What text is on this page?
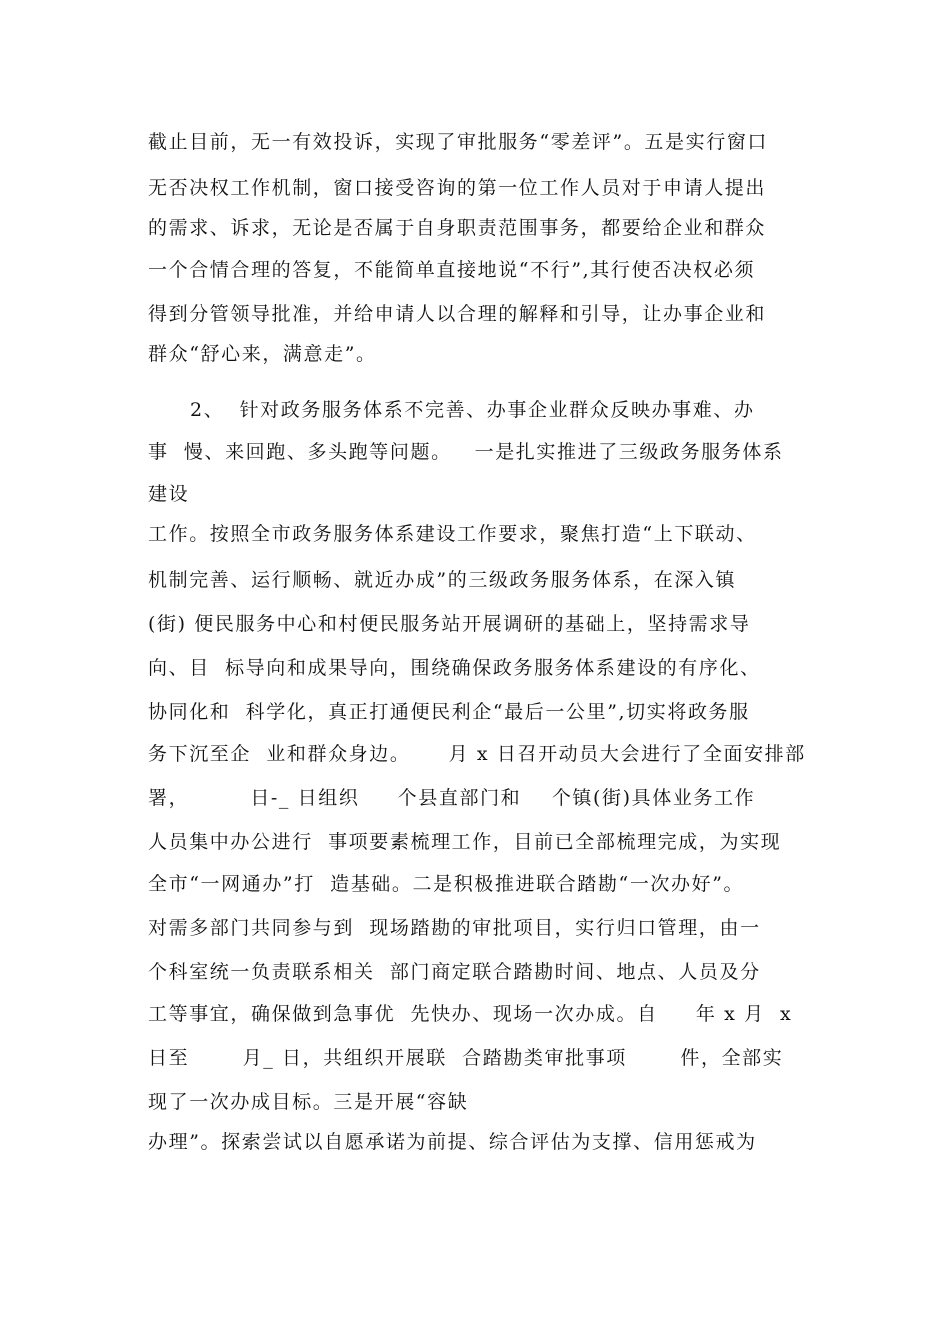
截止目前，无一有效投诉，实现了审批服务“零差评”。五是实行窗口
无否决权工作机制，窗口接受咨询的第一位工作人员对于申请人提出
的需求、诉求，无论是否属于自身职责范围事务，都要给企业和群众
一个合情合理的答复，不能简单直接地说“不行”,其行使否决权必须
得到分管领导批准，并给申请人以合理的解释和引导，让办事企业和
群众“舒心来，满意走”。
2、  针对政务服务体系不完善、办事企业群众反映办事难、办
事  慢、来回跑、多头跑等问题。   一是扎实推进了三级政务服务体系
建设
工作。按照全市政务服务体系建设工作要求，聚焦打造“上下联动、
机制完善、运行顺畅、就近办成”的三级政务服务体系，在深入镇
(街) 便民服务中心和村便民服务站开展调研的基础上，坚持需求导
向、目  标导向和成果导向，围绕确保政务服务体系建设的有序化、
协同化和  科学化，真正打通便民利企“最后一公里”,切实将政务服
务下沉至企  业和群众身边。     月 x 日召开动员大会进行了全面安排部
署，        日-_ 日组织     个县直部门和    个镇(街)具体业务工作
人员集中办公进行  事项要素梳理工作，目前已全部梳理完成，为实现
全市“一网通办”打  造基础。二是积极推进联合踏勘“一次办好”。
对需多部门共同参与到  现场踏勘的审批项目，实行归口管理，由一
个科室统一负责联系相关  部门商定联合踏勘时间、地点、人员及分
工等事宜，确保做到急事优  先快办、现场一次办成。自     年 x 月  x
日至       月_ 日，共组织开展联  合踏勘类审批事项       件，全部实
现了一次办成目标。三是开展“容缺
办理”。探索尝试以自愿承诺为前提、综合评估为支撑、信用惩戒为
